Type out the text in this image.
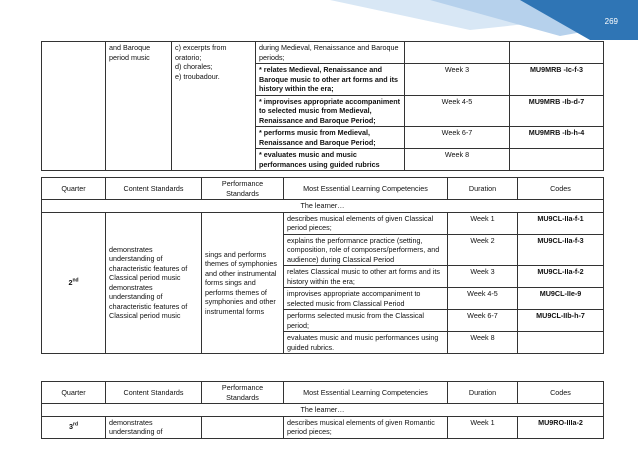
269
	and Baroque period music	c) excerpts from oratorio;
d) chorales;
e) troubadour.	during Medieval, Renaissance and Baroque periods;		
			* relates Medieval, Renaissance and Baroque music to other art forms and its history within the era;	Week 3	MU9MRB -Ic-f-3
			* improvises appropriate accompaniment to selected music from Medieval, Renaissance and Baroque Period;	Week 4-5	MU9MRB -Ib-d-7
			* performs music from Medieval, Renaissance and Baroque Period;	Week 6-7	MU9MRB -Ib-h-4
			* evaluates music and music performances using guided rubrics	Week 8	
Quarter	Content Standards	Performance Standards	Most Essential Learning Competencies	Duration	Codes
The learner…					
2nd	demonstrates understanding of characteristic features of Classical period music demonstrates understanding of characteristic features of Classical period music	sings and performs themes of symphonies and other instrumental forms sings and performs themes of symphonies and other instrumental forms	describes musical elements of given Classical period pieces;	Week 1	MU9CL-IIa-f-1
			explains the performance practice (setting, composition, role of composers/performers, and audience) during Classical Period	Week 2	MU9CL-IIa-f-3
			relates Classical music to other art forms and its history within the era;	Week 3	MU9CL-IIa-f-2
			improvises appropriate accompaniment to selected music from Classical Period	Week 4-5	MU9CL-IIe-9
			performs selected music from the Classical period;	Week 6-7	MU9CL-IIb-h-7
			evaluates music and music performances using guided rubrics.	Week 8	
Quarter	Content Standards	Performance Standards	Most Essential Learning Competencies	Duration	Codes
The learner…					
3rd	demonstrates understanding of		describes musical elements of given Romantic period pieces;	Week 1	MU9RO-IIIa-2
